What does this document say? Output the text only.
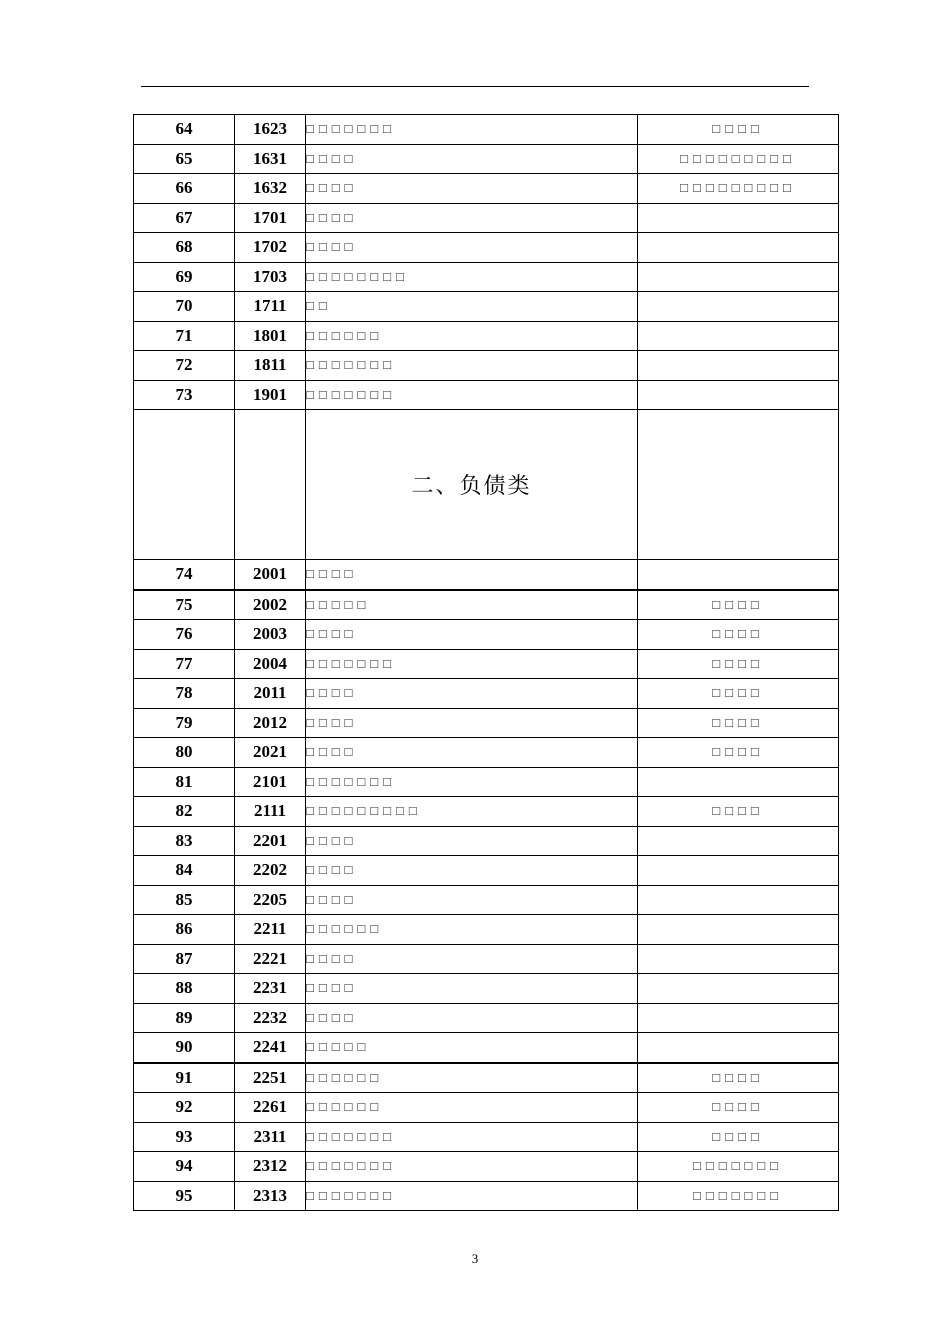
64	1623	□□□□□□□	□□□□
65	1631	□□□□	□□□□□□□□□
66	1632	□□□□	□□□□□□□□□
67	1701	□□□□	
68	1702	□□□□	
69	1703	□□□□□□□□	
70	1711	□□	
71	1801	□□□□□□	
72	1811	□□□□□□□	
73	1901	□□□□□□□	
		二、负债类	
74	2001	□□□□	
75	2002	□□□□□	□□□□
76	2003	□□□□	□□□□
77	2004	□□□□□□□	□□□□
78	2011	□□□□	□□□□
79	2012	□□□□	□□□□
80	2021	□□□□	□□□□
81	2101	□□□□□□□	
82	2111	□□□□□□□□□	□□□□
83	2201	□□□□	
84	2202	□□□□	
85	2205	□□□□	
86	2211	□□□□□□	
87	2221	□□□□	
88	2231	□□□□	
89	2232	□□□□	
90	2241	□□□□□	
91	2251	□□□□□□	□□□□
92	2261	□□□□□□	□□□□
93	2311	□□□□□□□	□□□□
94	2312	□□□□□□□	□□□□□□□
95	2313	□□□□□□□	□□□□□□□
3
